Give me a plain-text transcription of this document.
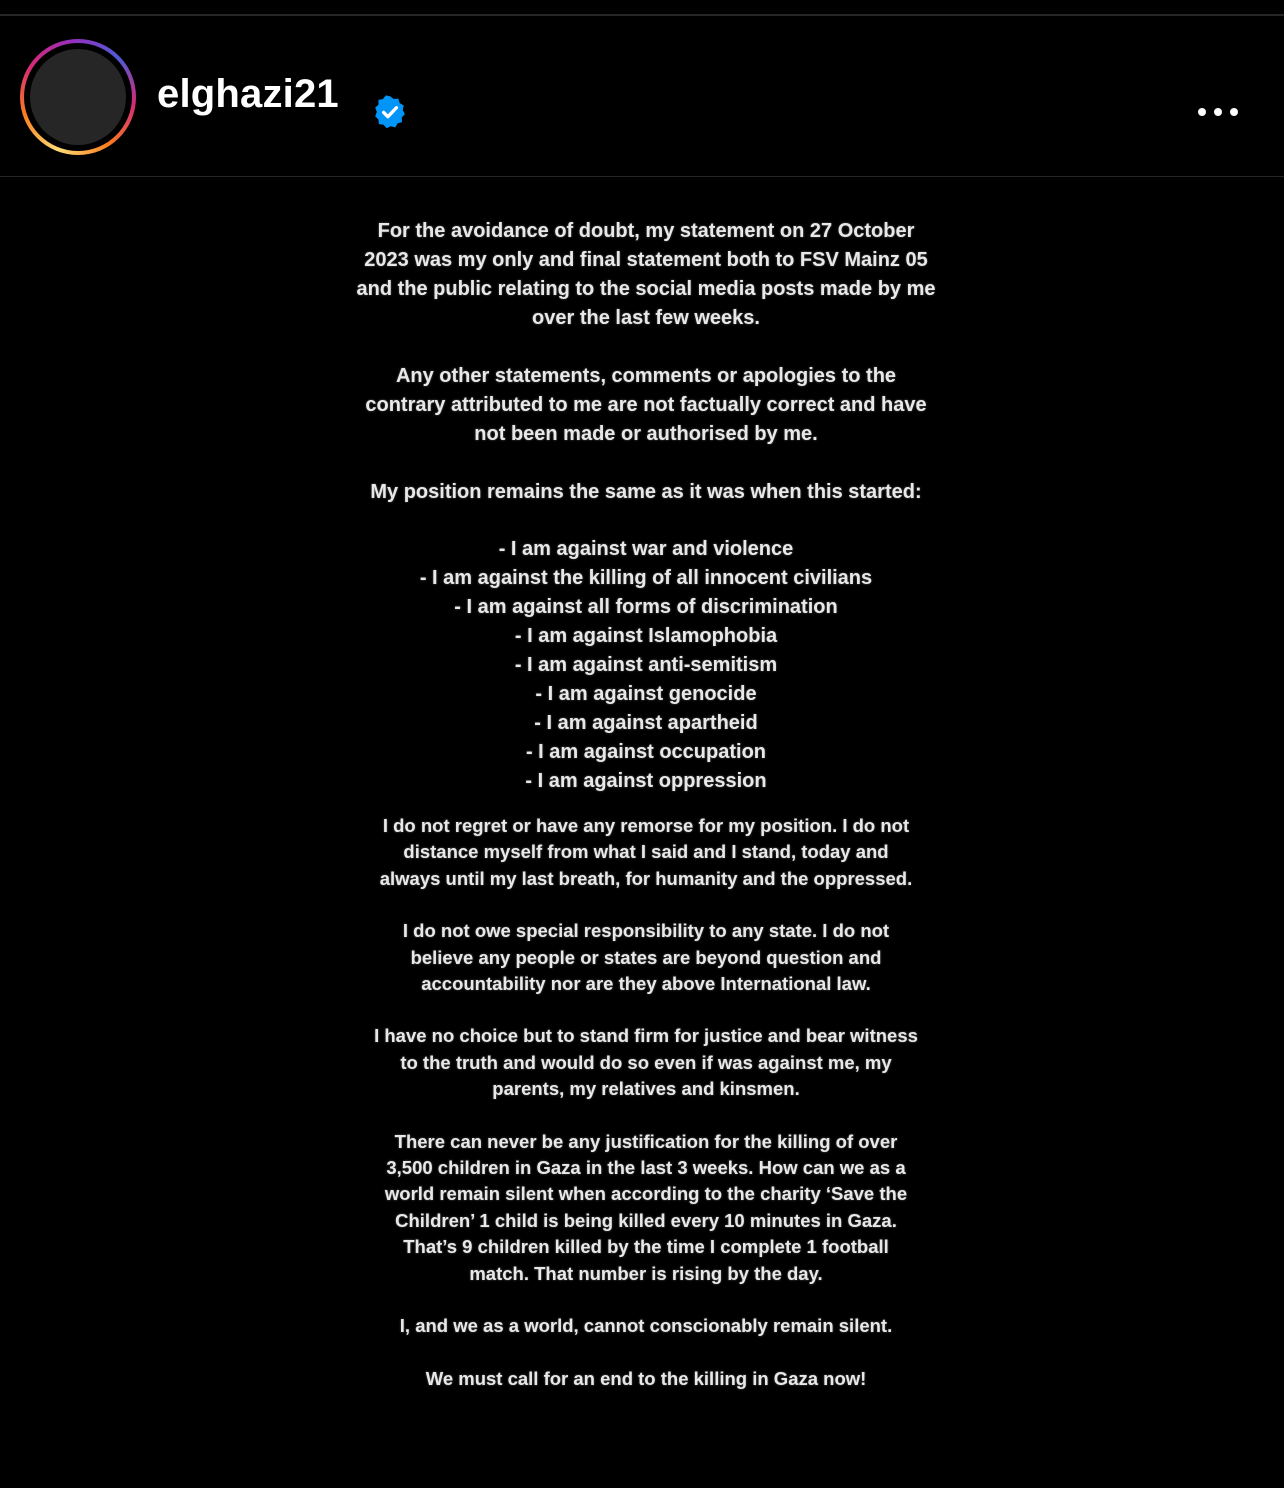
elghazi21

For the avoidance of doubt, my statement on 27 October
2023 was my only and final statement both to FSV Mainz 05
and the public relating to the social media posts made by me
over the last few weeks.

Any other statements, comments or apologies to the
contrary attributed to me are not factually correct and have
not been made or authorised by me.

My position remains the same as it was when this started:

- I am against war and violence
- I am against the killing of all innocent civilians
- I am against all forms of discrimination
- I am against Islamophobia
- I am against anti-semitism
- I am against genocide
- I am against apartheid
- I am against occupation
- I am against oppression

I do not regret or have any remorse for my position. I do not
distance myself from what I said and I stand, today and
always until my last breath, for humanity and the oppressed.

I do not owe special responsibility to any state. I do not
believe any people or states are beyond question and
accountability nor are they above International law.

I have no choice but to stand firm for justice and bear witness
to the truth and would do so even if was against me, my
parents, my relatives and kinsmen.

There can never be any justification for the killing of over
3,500 children in Gaza in the last 3 weeks. How can we as a
world remain silent when according to the charity ‘Save the
Children’ 1 child is being killed every 10 minutes in Gaza.
That’s 9 children killed by the time I complete 1 football
match. That number is rising by the day.

I, and we as a world, cannot conscionably remain silent.

We must call for an end to the killing in Gaza now!
